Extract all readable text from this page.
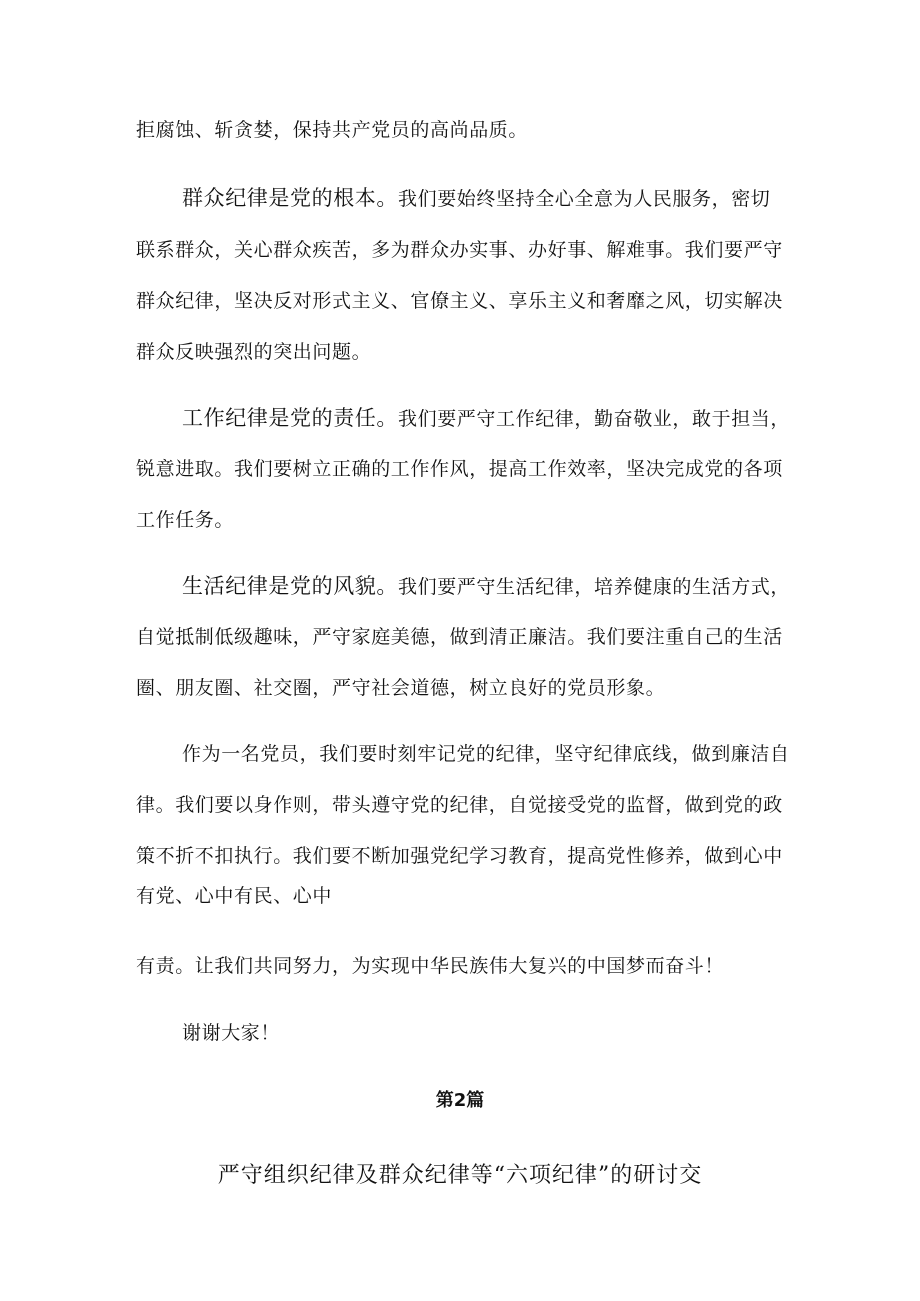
拒腐蚀、斩贪婪，保持共产党员的高尚品质。
群众纪律是党的根本。我们要始终坚持全心全意为人民服务，密切
联系群众，关心群众疾苦，多为群众办实事、办好事、解难事。我们要严守
群众纪律，坚决反对形式主义、官僚主义、享乐主义和奢靡之风，切实解决
群众反映强烈的突出问题。
工作纪律是党的责任。我们要严守工作纪律，勤奋敬业，敢于担当，
锐意进取。我们要树立正确的工作作风，提高工作效率，坚决完成党的各项
工作任务。
生活纪律是党的风貌。我们要严守生活纪律，培养健康的生活方式，
自觉抵制低级趣味，严守家庭美德，做到清正廉洁。我们要注重自己的生活
圈、朋友圈、社交圈，严守社会道德，树立良好的党员形象。
作为一名党员，我们要时刻牢记党的纪律，坚守纪律底线，做到廉洁自
律。我们要以身作则，带头遵守党的纪律，自觉接受党的监督，做到党的政
策不折不扣执行。我们要不断加强党纪学习教育，提高党性修养，做到心中
有党、心中有民、心中
有责。让我们共同努力，为实现中华民族伟大复兴的中国梦而奋斗！
谢谢大家！
第2篇
严守组织纪律及群众纪律等“六项纪律”的研讨交
